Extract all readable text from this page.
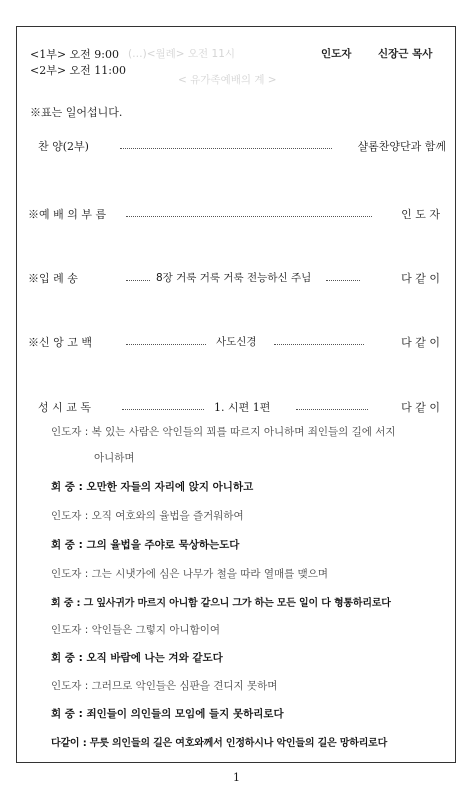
<1부> 오전 9:00
<2부> 오전 11:00
(…)<월례> 오전 11시
< 유가족예배의 계 >
인도자	신장근 목사
※표는 일어섭니다.
찬 양(2부)	샬롬찬양단과 함께
※예 배 의 부 름	인 도 자
※입 례 송	8장 거룩 거룩 거룩 전능하신 주님	다 같 이
※신 앙 고 백	사도신경	다 같 이
성 시 교 독	1. 시편 1편	다 같 이
인도자 : 복 있는 사람은 악인들의 꾀를 따르지 아니하며 죄인들의 길에 서지
아니하며
회 중 : 오만한 자들의 자리에 앉지 아니하고
인도자 : 오직 여호와의 율법을 즐거워하여
회 중 : 그의 율법을 주야로 묵상하는도다
인도자 : 그는 시냇가에 심은 나무가 철을 따라 열매를 맺으며
회 중 : 그 잎사귀가 마르지 아니함 같으니 그가 하는 모든 일이 다 형통하리로다
인도자 : 악인들은 그렇지 아니함이여
회 중 : 오직 바람에 나는 겨와 같도다
인도자 : 그러므로 악인들은 심판을 견디지 못하며
회 중 : 죄인들이 의인들의 모임에 들지 못하리로다
다같이 : 무릇 의인들의 길은 여호와께서 인정하시나 악인들의 길은 망하리로다
1
